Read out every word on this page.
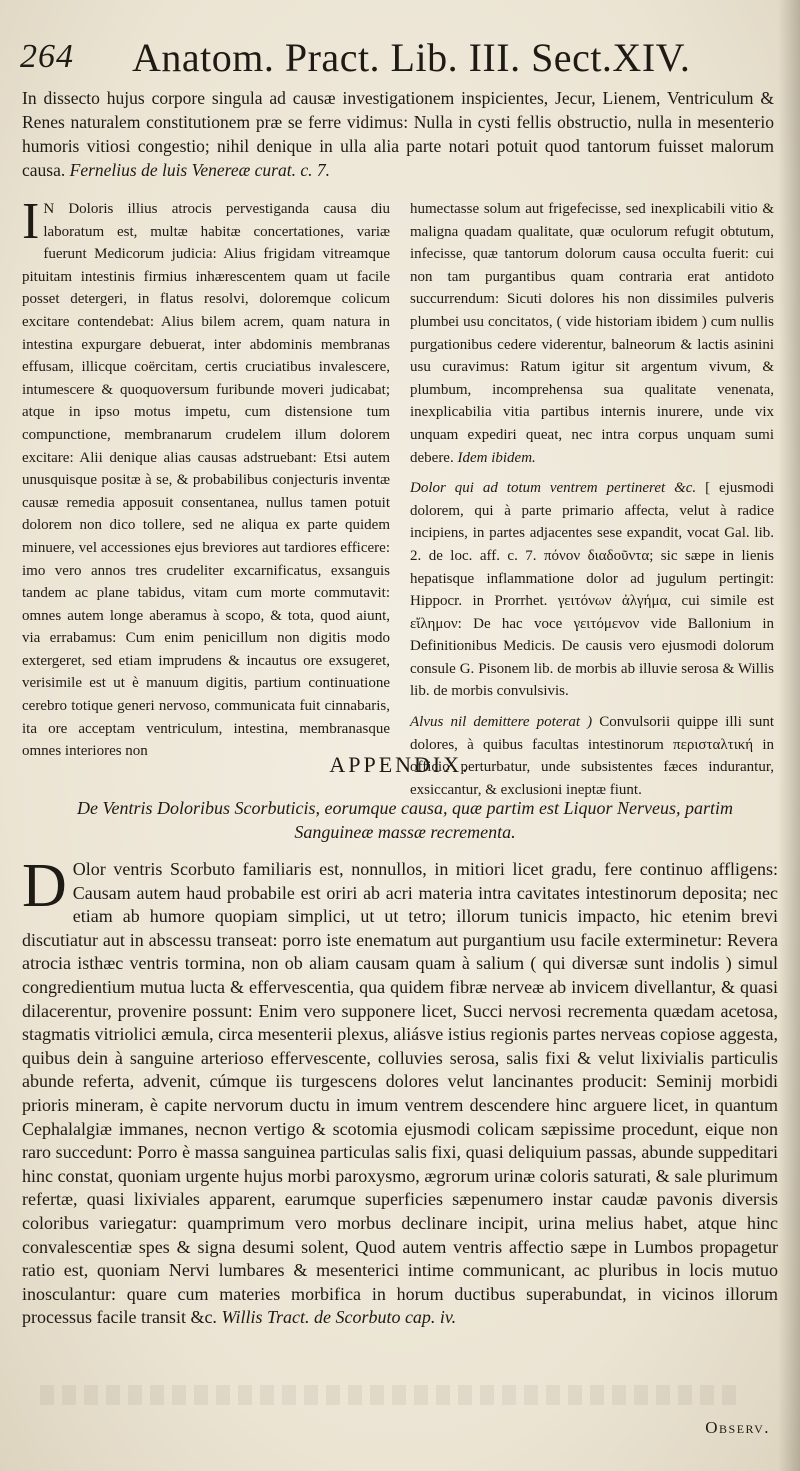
264 Anatom. Pract. Lib. III. Sect.XIV.
In dissecto hujus corpore singula ad causæ investigationem inspicientes, Jecur, Lienem, Ventriculum & Renes naturalem constitutionem præ se ferre vidimus: Nulla in cysti fellis obstructio, nulla in mesenterio humoris vitiosi congestio; nihil denique in ulla alia parte notari potuit quod tantorum fuisset malorum causa. Fernelius de luis Venereæ curat. c. 7.

I N Doloris illius atrocis pervestiganda causa diu laboratum est, multæ habitæ concertationes, variæ fuerunt Medicorum judicia: Alius frigidam vitreamque pituitam intestinis firmius inhærescentem quam ut facile posset detergeri, in flatus resolvi, doloremque colicum excitare contendebat: Alius bilem acrem, quam natura in intestina expurgare debuerat, inter abdominis membranas effusam, illicque coërcitam, certis cruciatibus invalescere, intumescere & quoquoversum furibunde moveri judicabat; atque in ipso motus impetu, cum distensione tum compunctione, membranarum crudelem illum dolorem excitare: Alii denique alias causas adstruebant: Etsi autem unusquisque positæ à se, & probabilibus conjecturis inventæ causæ remedia apposuit consentanea, nullus tamen potuit dolorem non dico tollere, sed ne aliqua ex parte quidem minuere, vel accessiones ejus breviores aut tardiores efficere: imo vero annos tres crudeliter excarnificatus, exsanguis tandem ac plane tabidus, vitam cum morte commutavit: omnes autem longe aberamus à scopo, & tota, quod aiunt, via errabamus: Cum enim penicillum non digitis modo extergeret, sed etiam imprudens & incautus ore exsugeret, verisimile est ut è manuum digitis, partium continuatione cerebro totique generi nervoso, communicata fuit cinnabaris, ita ore acceptam ventriculum, intestina, membranasque omnes interiores non

humectasse solum aut frigefecisse, sed inexplicabili vitio & maligna quadam qualitate, quæ oculorum refugit obtutum, infecisse, quæ tantorum dolorum causa occulta fuerit: cui non tam purgantibus quam contraria erat antidoto succurrendum: Sicuti dolores his non dissimiles pulveris plumbei usu concitatos, ( vide historiam ibidem ) cum nullis purgationibus cedere viderentur, balneorum & lactis asinini usu curavimus: Ratum igitur sit argentum vivum, & plumbum, incomprehensa sua qualitate venenata, inexplicabilia vitia partibus internis inurere, unde vix unquam expediri queat, nec intra corpus unquam sumi debere. Idem ibidem.

Dolor qui ad totum ventrem pertineret &c. [ ejusmodi dolorem, qui à parte primario affecta, velut à radice incipiens, in partes adjacentes sese expandit, vocat Gal. lib. 2. de loc. aff. c. 7. πόνον διαδοῦντα; sic sæpe in lienis hepatisque inflammatione dolor ad jugulum pertingit: Hippocr. in Prorrhet. γειτόνων ἀλγήμα, cui simile est εἴλημον: De hac voce γειτόμενον vide Ballonium in Definitionibus Medicis. De causis vero ejusmodi dolorum consule G. Pisonem lib. de morbis ab illuvie serosa & Willis lib. de morbis convulsivis.

Alvus nil demittere poterat ) Convulsorii quippe illi sunt dolores, à quibus facultas intestinorum περισταλτική in officio perturbatur, unde subsistentes fæces indurantur, exsiccantur, & exclusioni ineptæ fiunt.

APPENDIX.
De Ventris Doloribus Scorbuticis, eorumque causa, quæ partim est Liquor Nerveus, partim Sanguineæ massæ recrementa.

D Olor ventris Scorbuto familiaris est, nonnullos, in mitiori licet gradu, fere continuo affligens: Causam autem haud probabile est oriri ab acri materia intra cavitates intestinorum deposita; nec etiam ab humore quopiam simplici, ut ut tetro; illorum tunicis impacto, hic etenim brevi discutiatur aut in abscessu transeat: porro iste enematum aut purgantium usu facile exterminetur: Revera atrocia isthæc ventris tormina, non ob aliam causam quam à salium ( qui diversæ sunt indolis ) simul congredientium mutua lucta & effervescentia, qua quidem fibræ nerveæ ab invicem divellantur, & quasi dilacerentur, provenire possunt: Enim vero supponere licet, Succi nervosi recrementa quædam acetosa, stagmatis vitriolici æmula, circa mesenterii plexus, aliásve istius regionis partes nerveas copiose aggesta, quibus dein à sanguine arterioso effervescente, colluvies serosa, salis fixi & velut lixivialis particulis abunde referta, advenit, cúmque iis turgescens dolores velut lancinantes producit: Seminij morbidi prioris mineram, è capite nervorum ductu in imum ventrem descendere hinc arguere licet, in quantum Cephalalgiæ immanes, necnon vertigo & scotomia ejusmodi colicam sæpissime procedunt, eique non raro succedunt: Porro è massa sanguinea particulas salis fixi, quasi deliquium passas, abunde suppeditari hinc constat, quoniam urgente hujus morbi paroxysmo, ægrorum urinæ coloris saturati, & sale plurimum refertæ, quasi lixiviales apparent, earumque superficies sæpenumero instar caudæ pavonis diversis coloribus variegatur: quamprimum vero morbus declinare incipit, urina melius habet, atque hinc convalescentiæ spes & signa desumi solent, Quod autem ventris affectio sæpe in Lumbos propagetur ratio est, quoniam Nervi lumbares & mesenterici intime communicant, ac pluribus in locis mutuo inosculantur: quare cum materies morbifica in horum ductibus superabundat, in vicinos illorum processus facile transit &c. Willis Tract. de Scorbuto cap. iv.

Observ.
